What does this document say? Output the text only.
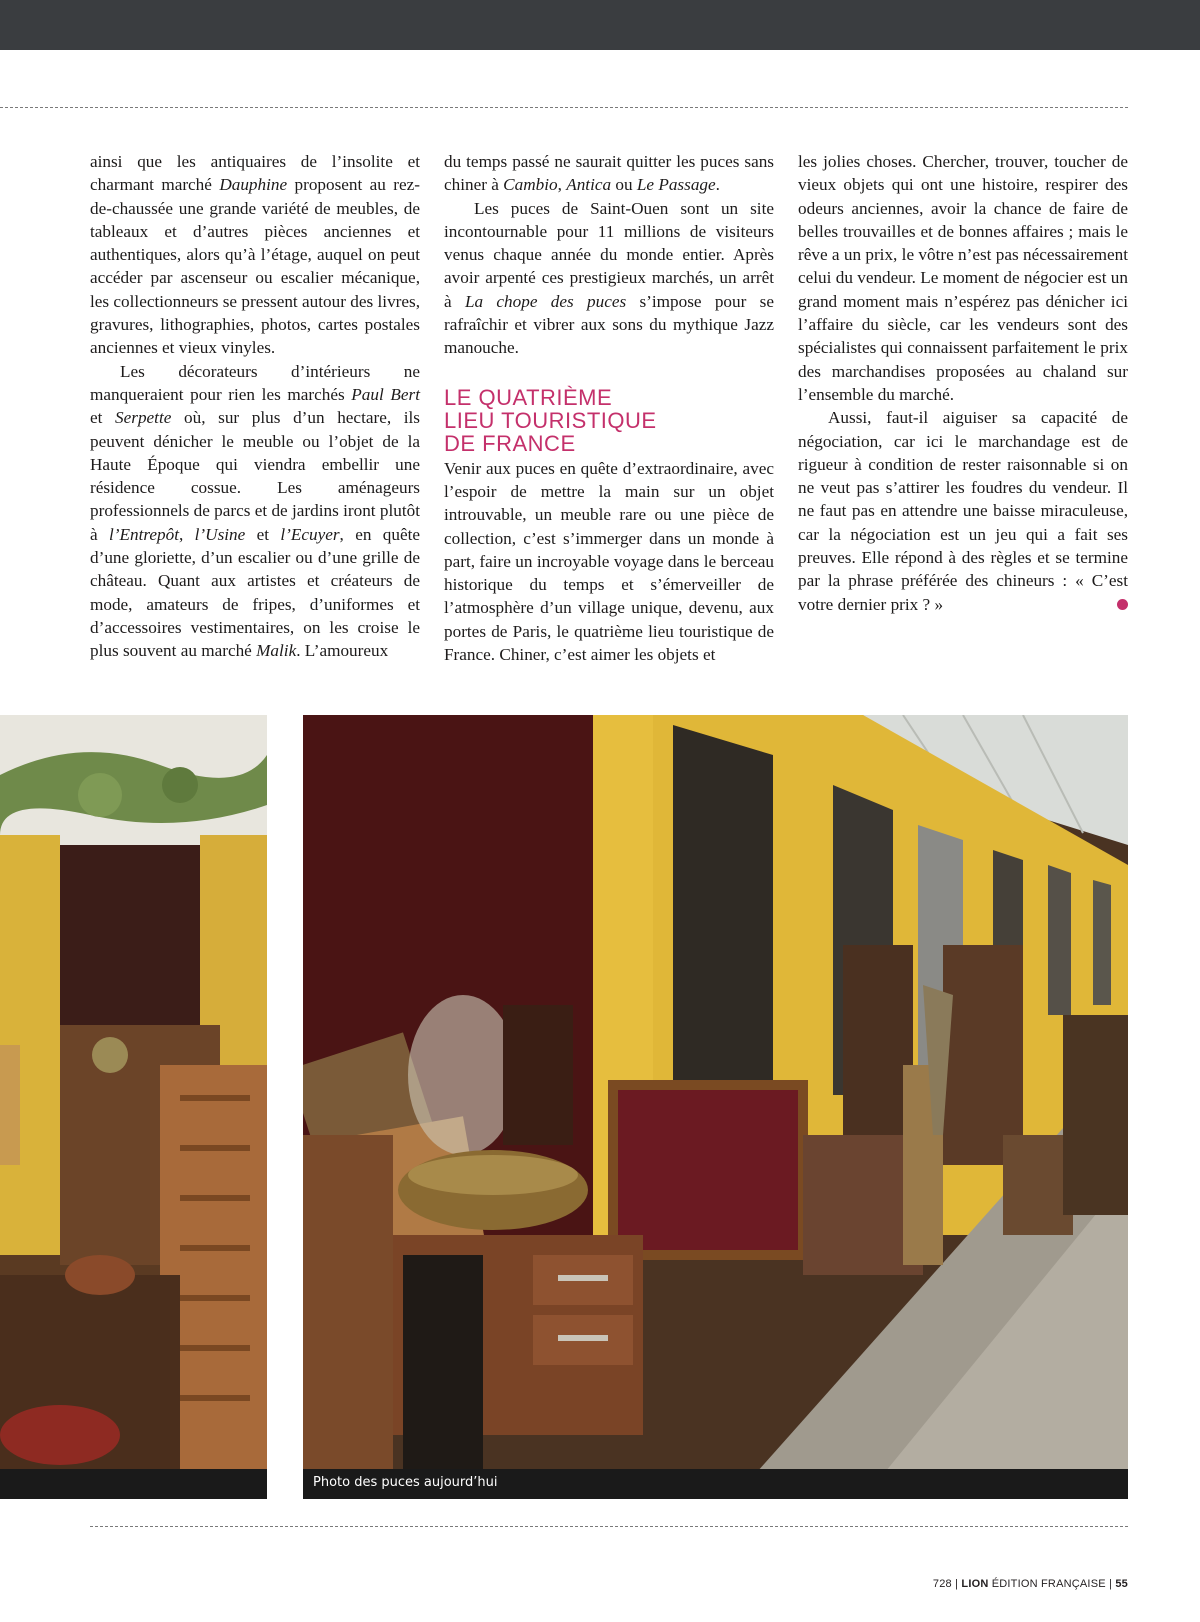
ainsi que les antiquaires de l’insolite et charmant marché Dauphine proposent au rez-de-chaussée une grande variété de meubles, de tableaux et d’autres pièces anciennes et authentiques, alors qu’à l’étage, auquel on peut accéder par ascenseur ou escalier mécanique, les collectionneurs se pressent autour des livres, gravures, lithographies, photos, cartes postales anciennes et vieux vinyles.

Les décorateurs d’intérieurs ne manqueraient pour rien les marchés Paul Bert et Serpette où, sur plus d’un hectare, ils peuvent dénicher le meuble ou l’objet de la Haute Époque qui viendra embellir une résidence cossue. Les aménageurs professionnels de parcs et de jardins iront plutôt à l’Entrepôt, l’Usine et l’Ecuyer, en quête d’une gloriette, d’un escalier ou d’une grille de château. Quant aux artistes et créateurs de mode, amateurs de fripes, d’uniformes et d’accessoires vestimentaires, on les croise le plus souvent au marché Malik. L’amoureux

du temps passé ne saurait quitter les puces sans chiner à Cambio, Antica ou Le Passage.

Les puces de Saint-Ouen sont un site incontournable pour 11 millions de visiteurs venus chaque année du monde entier. Après avoir arpenté ces prestigieux marchés, un arrêt à La chope des puces s’impose pour se rafraîchir et vibrer aux sons du mythique Jazz manouche.

LE QUATRIÈME
LIEU TOURISTIQUE
DE FRANCE

Venir aux puces en quête d’extraordinaire, avec l’espoir de mettre la main sur un objet introuvable, un meuble rare ou une pièce de collection, c’est s’immerger dans un monde à part, faire un incroyable voyage dans le berceau historique du temps et s’émerveiller de l’atmosphère d’un village unique, devenu, aux portes de Paris, le quatrième lieu touristique de France. Chiner, c’est aimer les objets et

les jolies choses. Chercher, trouver, toucher de vieux objets qui ont une histoire, respirer des odeurs anciennes, avoir la chance de faire de belles trouvailles et de bonnes affaires ; mais le rêve a un prix, le vôtre n’est pas nécessairement celui du vendeur. Le moment de négocier est un grand moment mais n’espérez pas dénicher ici l’affaire du siècle, car les vendeurs sont des spécialistes qui connaissent parfaitement le prix des marchandises proposées au chaland sur l’ensemble du marché.

Aussi, faut-il aiguiser sa capacité de négociation, car ici le marchandage est de rigueur à condition de rester raisonnable si on ne veut pas s’attirer les foudres du vendeur. Il ne faut pas en attendre une baisse miraculeuse, car la négociation est un jeu qui a fait ses preuves. Elle répond à des règles et se termine par la phrase préférée des chineurs : « C’est votre dernier prix ? »

Photo des puces aujourd’hui
728 | LION ÉDITION FRANÇAISE | 55
